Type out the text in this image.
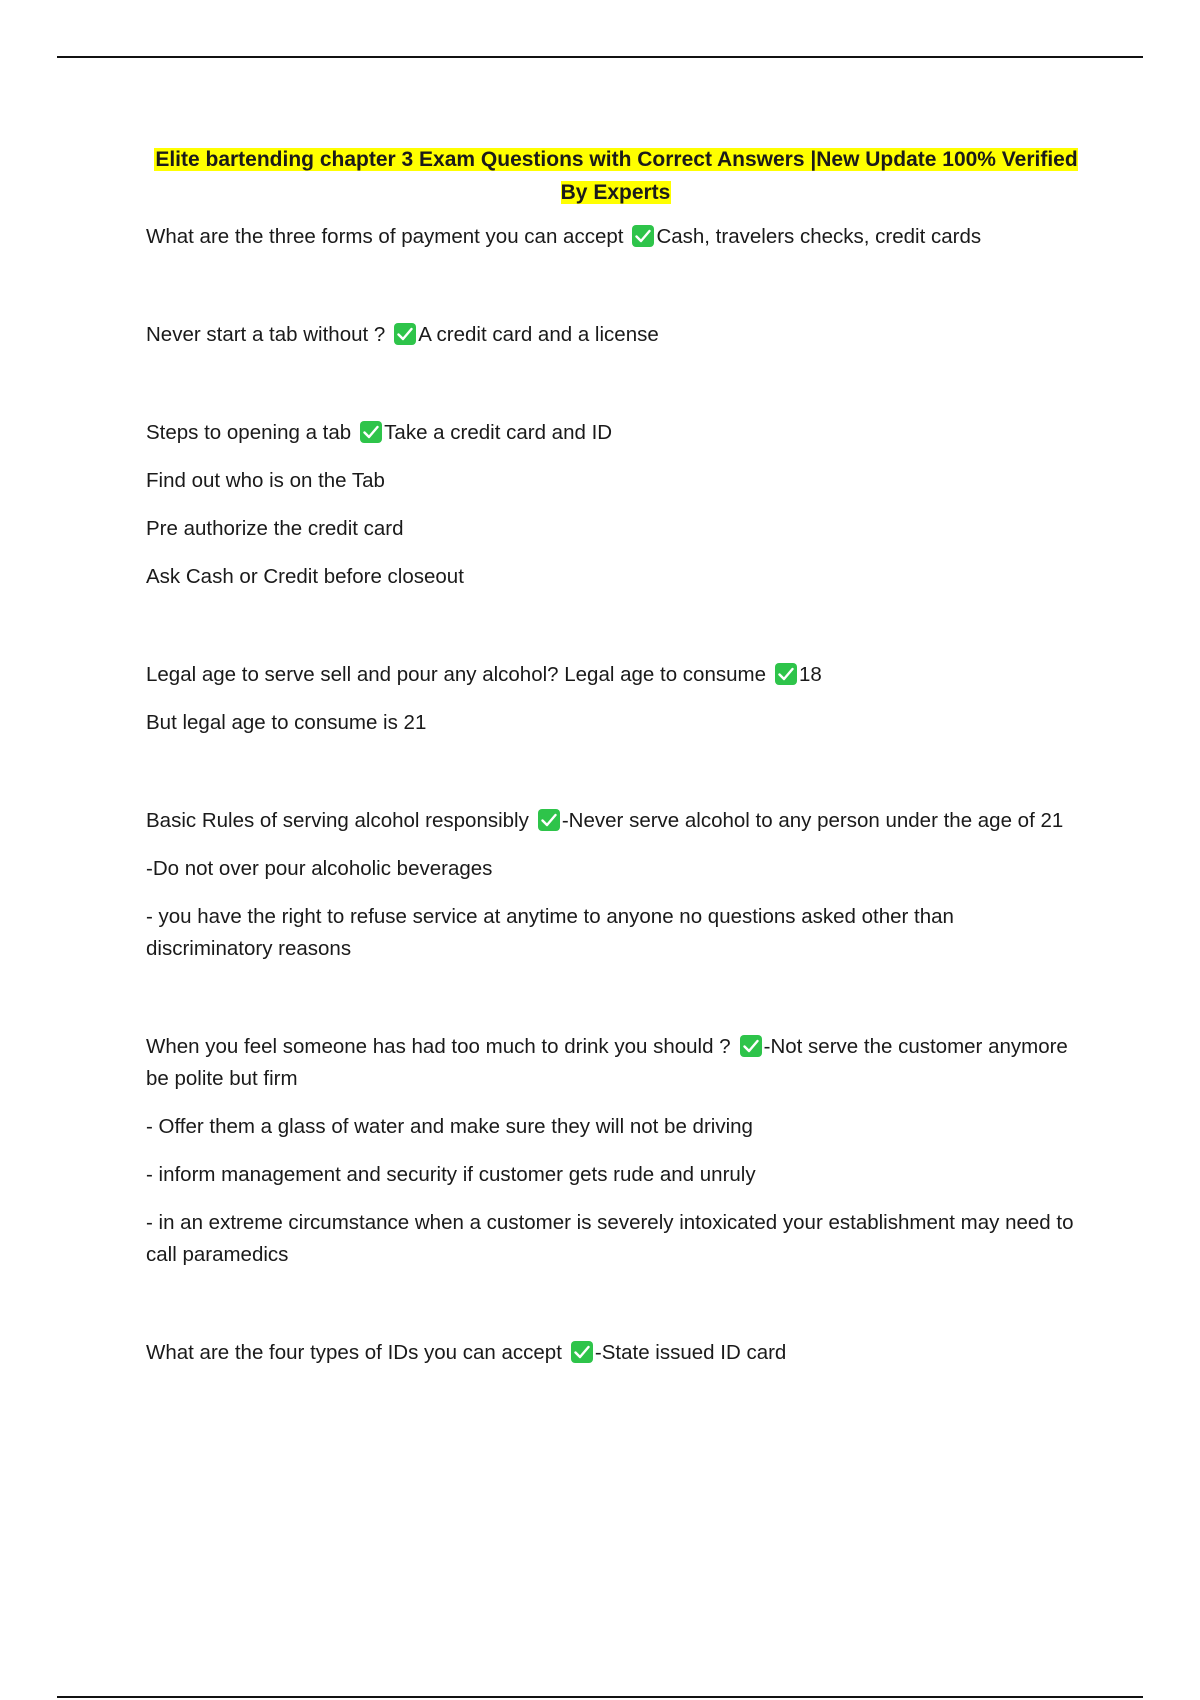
Elite bartending chapter 3 Exam Questions with Correct Answers |New Update 100% Verified By Experts

What are the three forms of payment you can accept Cash, travelers checks, credit cards

Never start a tab without ? A credit card and a license

Steps to opening a tab Take a credit card and ID

Find out who is on the Tab

Pre authorize the credit card

Ask Cash or Credit before closeout

Legal age to serve sell and pour any alcohol? Legal age to consume 18

But legal age to consume is 21

Basic Rules of serving alcohol responsibly -Never serve alcohol to any person under the age of 21

-Do not over pour alcoholic beverages

- you have the right to refuse service at anytime to anyone no questions asked other than discriminatory reasons

When you feel someone has had too much to drink you should ? -Not serve the customer anymore be polite but firm

- Offer them a glass of water and make sure they will not be driving

- inform management and security if customer gets rude and unruly

- in an extreme circumstance when a customer is severely intoxicated your establishment may need to call paramedics

What are the four types of IDs you can accept -State issued ID card
